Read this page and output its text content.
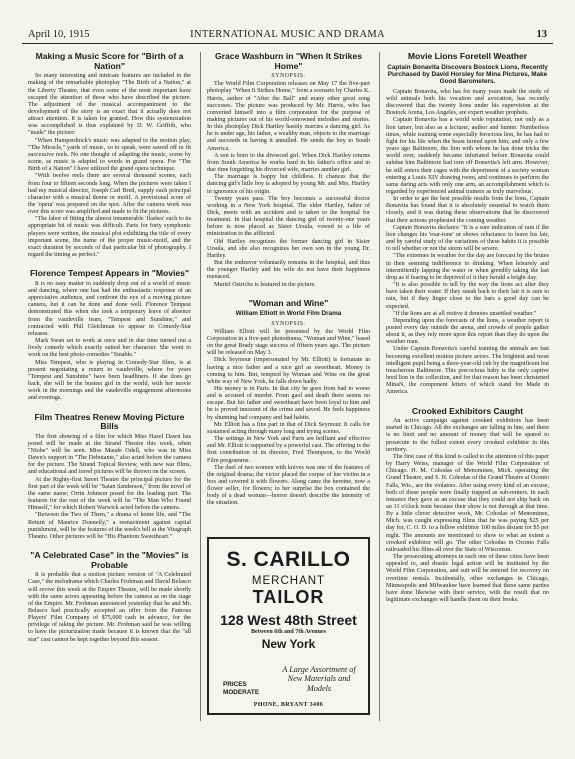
April 10, 1915	INTERNATIONAL MUSIC AND DRAMA	13
Making a Music Score for "Birth of a Nation"

So many interesting and intricate features are included in the making of the remarkable photoplay "The Birth of a Nation," at the Liberty Theatre, that even some of the most important have escaped the attention of those who have described the picture. The adjustment of the musical accompaniment to the development of the story is an exact that it actually does not attract attention. It is taken for granted. How this systemization was accomplished is thus explained by D. W. Griffith, who "made" the picture:

"When Hamperdinck's music was adapted to the motion play, "The Miracle," yards of music, so to speak, were sawed off to fit successive reels. No one thought of adapting the music, scene by scene, as music is adapted to words in grand opera. For "The Birth of a Nation" I have utilized the grand opera technique.

"With twelve reels there are several thousand scenes, each from four to fifteen seconds long. When the pictures were taken I had my musical director, Joseph Carl Breil, supply each principal character with a musical theme or motif. A provisional score of the 'opera' was prepared on the spot. After the camera work was over this score was amplified and made to fit the pictures.

"The labor of fitting the almost innumerable 'flashes' each to its appropriate bit of music was difficult. Parts for forty symphonic players were written, the musical plot exhibiting the title of every important scene, the name of the proper music-motif, and the exact duration by seconds of that particular bit of photography. I regard the timing as perfect."

Florence Tempest Appears in "Movies"

It is no easy matter to suddenly drop out of a world of music and dancing, where one has had the enthusiastic response of an appreciative audience, and confront the eye of a moving picture camera, but it can be done and done well. Florence Tempest demonstrated this when she took a temporary leave of absence from the vaudeville team, "Tempest and Sunshine," and contracted with Phil Gleichman to appear in Comedy-Star releases.

Mark Swan set to work at once and in due time turned out a lively comedy which exactly suited her character. She went to work on the best photo-comedies "Sinable."

Miss Tempest, who is playing in Comedy-Star films, is at present negotiating a return to vaudeville, where for years "Tempest and Sunshine" have been headliners. If she does go back, she will be the busiest girl in the world, with her movie work in the mornings and the vaudeville engagement afternoons and evenings.

Film Theatres Renew Moving Picture Bills

The first showing of a film for which Miss Hazel Dawn has posed will be made at the Strand Theatre this week, when "Niobe" will be seen. Miss Maude Odell, who was in Miss Dawn's support in "The Debutante," also acted before the camera for the picture. The Strand Topical Review, with new war films, and educational and travel pictures will be thrown on the screen.

At the Righty-first Street Theatre the principal picture for the first part of the week will be "Satan Sanderson," from the novel of the same name; Orrin Johnson posed for the leading part. The features for the rest of the week will be "The Man Who Found Himself," for which Robert Warwick acted before the camera.

"Between the Two of Them," a drama of home life, and "The Return of Maurice Donnelly," a reenactment against capital punishment, will be the features of the week's bill at the Vitagraph Theatre. Other pictures will be "His Phantom Sweetheart."

"A Celebrated Case" in the "Movies" is Probable

It is probable that a motion picture version of "A Celebrated Case," the melodrama which Charles Frohman and David Belasco will revive this week at the Empire Theatre, will be made shortly with the same actors appearing before the camera as on the stage of the Empire. Mr. Frohman announced yesterday that he and Mr. Belasco had practically accepted an offer from the Famous Players' Film Company of $75,000 cash in advance, for the privilege of taking the picture. Mr. Frohman said he was willing to have the picturization made because it is known that the "all star" cast cannot be kept together beyond this season.

Grace Washburn in "When It Strikes Home"
SYNOPSIS.

The World Film Corporation releases on May 17 the five-part photoplay "When It Strikes Home," from a scenario by Charles K. Harris, author of "After the Ball" and many other great song successes. The picture was produced by Mr. Harris, who has converted himself into a film corporation for the purpose of making pictures out of his world-renowned melodies and stories. In this photoplay Dick Hartley hastily marries a dancing girl. As he is under age, his father, a wealthy man, objects to the marriage and succeeds in having it annulled. He sends the boy to South America.

A son is born to the divorced girl. When Dick Hartley returns from South America he works hard in his father's office and in due time forgetting his divorced wife, marries another girl.

The marriage is happy but childless. It chances that the dancing girl's little boy is adopted by young Mr. and Mrs. Hartley in ignorance of his origin.

Twenty years pass. The boy becomes a successful doctor working in a New York hospital. The elder Hartley, father of Dick, meets with an accident and is taken to the hospital for treatment. In that hospital the dancing girl of twenty-one years before is now placed as Sister Ursula, vowed to a life of ministration to the afflicted.

Old Hartley recognizes the former dancing girl in Sister Ursula, and she also recognizes her own son in the young Dr. Hartley.

But the endeavor voluntarily remains in the hospital, and thus the younger Hartley and his wife do not have their happiness menaced.

Muriel Ostriche is featured in the picture.

"Woman and Wine"
William Elliott in World Film Drama
SYNOPSIS.

William Elliott will be presented by the World Film Corporation in a five-part photodrama, "Woman and Wine," based on the great Brady stage success of fifteen years ago. The picture will be released on May 3.

Dick Seymour (impersonated by Mr. Elliott) is fortunate in having a nice father and a nice girl as sweetheart. Money is coming to him. But, tempted by Woman and Wine on the great white way of New York, he falls down badly.

His money is in Paris. In that city he goes from bad to worse and is accused of murder. From gaol and death there seems no escape. But his father and sweetheart have been loyal to him and he is proved innocent of the crime and saved. He feels happiness by shunning bad company and bad habits.

Mr. Elliott has a fine part in that of Dick Seymour. It calls for sustained acting through many long and trying scenes.

The settings in New York and Paris are brilliant and effective and Mr. Elliott is supported by a powerful cast. The offering is the first contribution of its director, Fred Thompson, to the World Film programme.

The duel of two women with knives was one of the features of the original drama; the victor placed the corpse of her victim in a box and covered it with flowers. Along came the heroine, now a flower seller, for flowers; to her surprise the box contained the body of a dead woman—horror doesn't describe the intensity of the situation.

Movie Lions Foretell Weather
Captain Bonavita Discovers Bostock Lions, Recently Purchased by David Horsley for Mina Pictures, Make Good Barometers.

Captain Bonavita, who has for many years made the study of wild animals both his vocation and avocation, has recently discovered that the twenty lions under his supervision at the Bostock Arena, Los Angeles, are expert weather prophets.

Captain Bonavita has a world wide reputation, not only as a lion tamer, but also as a lecturer, author and hunter. Numberless times, while training some especially ferocious lion, he has had to fight for his life when the beast turned upon him; and only a few years ago Baltimore, the lion with whom he has done tricks the world over, suddenly became infuriated before Bonavita could subdue him Baltimore had torn off Bonavita's left arm. However, he still enters their cages with the deportment of a society woman entering a Louis XIV drawing room, and continues to perform the same daring acts with only one arm, an accomplishment which is regarded by experienced animal trainers as truly marvelous.

In order to get the best possible results from the lions, Captain Bonavita has found that it is absolutely essential to watch them closely, and it was during these observations that he discovered that their actions prophesied the coming weather.

Captain Bonavita declares: "It is a sure indication of rain if the lion changes his 'roar-tone' or shows reluctance to leave his lair, and by careful study of the variations of these habits it is possible to tell whether or not the storm will be severe.

"The extremes in weather for the day are forecast by the brutes in their seeming indifference to drinking. When leisurely and intermittently lapping the water or when greedily taking the last drop as if fearing to be deprived of it they herald a bright day.

"It is also possible to tell by the way the lions act after they have taken their water. If they sneak back to their lair it is sure to rain, but if they linger close to the bars a good day can be expected.

"If the lions are at all restive it denotes unsettled weather."

Depending upon the forecasts of the lions, a weather report is posted every day outside the arena, and crowds of people gather about it, as they rely more upon this report than they do upon the weather man.

Under Captain Bonavita's careful training the animals are fast becoming excellent motion picture actors. The brightest and most intelligent pupil being a three-year-old cub by the magnificent but treacherous Baltimore. This precocious baby is the only captive bred lion in the collection, and for that reason has been christened MinaN, the component letters of which stand for Made in America.

Crooked Exhibitors Caught

An active campaign against crooked exhibitors has been started in Chicago. All the exchanges are falling in line, and there is no limit and no amount of money that will be spared to prosecute to the fullest extent every crooked exhibitor in this territory.

The first case of this kind is called to the attention of this paper by Harry Weiss, manager of the World Film Corporation of Chicago. H. M. Cohodas of Menominee, Mich. operating the Grand Theatre, and S. H. Cohodas of the Grand Theatre at Oconto Falls, Wis., are the violators. After using every kind of an excuse, both of these people were finally trapped as sub-renters. In each instance they gave as an excuse that they could not ship back on an 11 o'clock train because their show is not through at that time. By a little clever detective work, Mr. Cohodas of Menominee, Mich. was caught expressing films that he was paying $25 per day for, C. O. D. to a fellow exhibitor 100 miles distant for $5 per night. The amounts are mentioned to show to what an extent a crooked exhibitor will go. The other Cohodas in Oconto Falls railroaded his films all over the State of Wisconsin.

The prosecuting attorneys in each one of these cities have been appealed to, and drastic legal action will be instituted by the World Film Corporation, and suit will be entered for recovery on overtime rentals. Incidentally, other exchanges in Chicago, Minneapolis and Milwaukee have learned that these same parties have done likewise with their service, with the result that no legitimate exchanges will handle them on their books.

S. CARILLO
MERCHANT
TAILOR
128 West 48th Street
Between 6th and 7th Avenues
New York
A Large Assortment of New Materials and Models
PRICES
MODERATE
PHONE, BRYANT 3406
